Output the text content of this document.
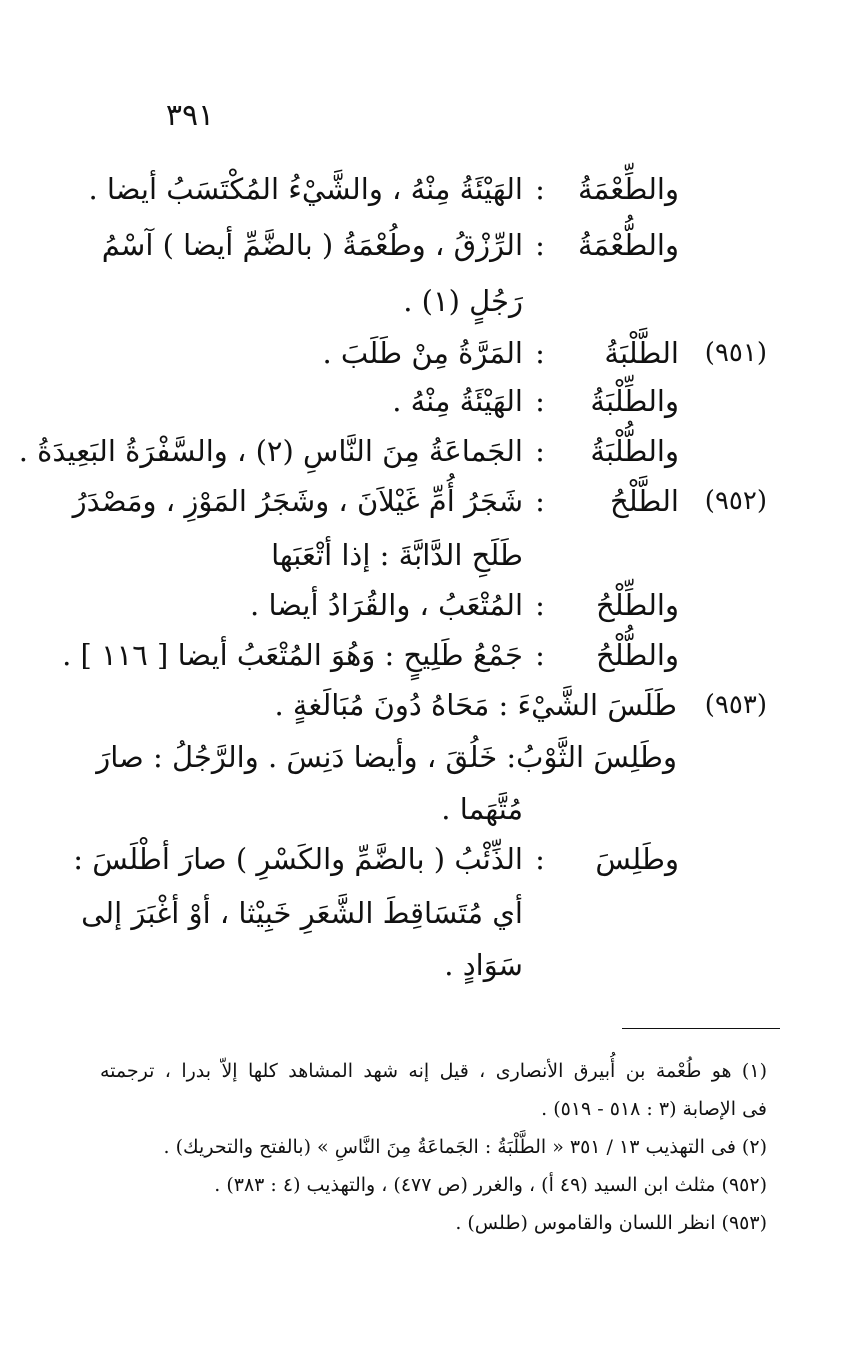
٣٩١
والطِّعْمَةُ
:
الهَيْئَةُ مِنْهُ ، والشَّيْءُ المُكْتَسَبُ أيضا .
والطُّعْمَةُ
:
الرِّزْقُ ، وطُعْمَةُ ( بالضَّمِّ أيضا ) آسْمُ
رَجُلٍ (١) .
(٩٥١)
الطَّلْبَةُ
:
المَرَّةُ مِنْ طَلَبَ .
والطِّلْبَةُ
:
الهَيْئَةُ مِنْهُ .
والطُّلْبَةُ
:
الجَماعَةُ مِنَ النَّاسِ (٢) ، والسَّفْرَةُ البَعِيدَةُ .
(٩٥٢)
الطَّلْحُ
:
شَجَرُ أُمِّ غَيْلاَنَ ، وشَجَرُ المَوْزِ ، ومَصْدَرُ
طَلَحِ الدَّابَّةَ : إذا أتْعَبَها
والطِّلْحُ
:
المُتْعَبُ ، والقُرَادُ أيضا .
والطُّلْحُ
:
جَمْعُ طَلِيحٍ : وَهُوَ المُتْعَبُ أيضا [ ١١٦ ] .
(٩٥٣)
طَلَسَ الشَّيْءَ : مَحَاهُ دُونَ مُبَالَغةٍ .
وطَلِسَ الثَّوْبُ: خَلُقَ ، وأيضا دَنِسَ . والرَّجُلُ : صارَ
مُتَّهَما .
وطَلِسَ
:
الذِّئْبُ ( بالضَّمِّ والكَسْرِ ) صارَ أطْلَسَ :
أي مُتَسَاقِطَ الشَّعَرِ خَبِيْثا ، أوْ أغْبَرَ إلى
سَوَادٍ .
(١) هو طُعْمة بن أُبيرق الأنصارى ، قيل إنه شهد المشاهد كلها إلاّ بدرا ، ترجمته
فى الإصابة (٣ : ٥١٨ - ٥١٩) .
(٢) فى التهذيب ١٣ / ٣٥١ « الطَّلْبَةُ : الجَماعَةُ مِنَ النَّاسِ » (بالفتح والتحريك) .
(٩٥٢) مثلث ابن السيد (٤٩ أ) ، والغرر (ص ٤٧٧) ، والتهذيب (٤ : ٣٨٣) .
(٩٥٣) انظر اللسان والقاموس (طلس) .
